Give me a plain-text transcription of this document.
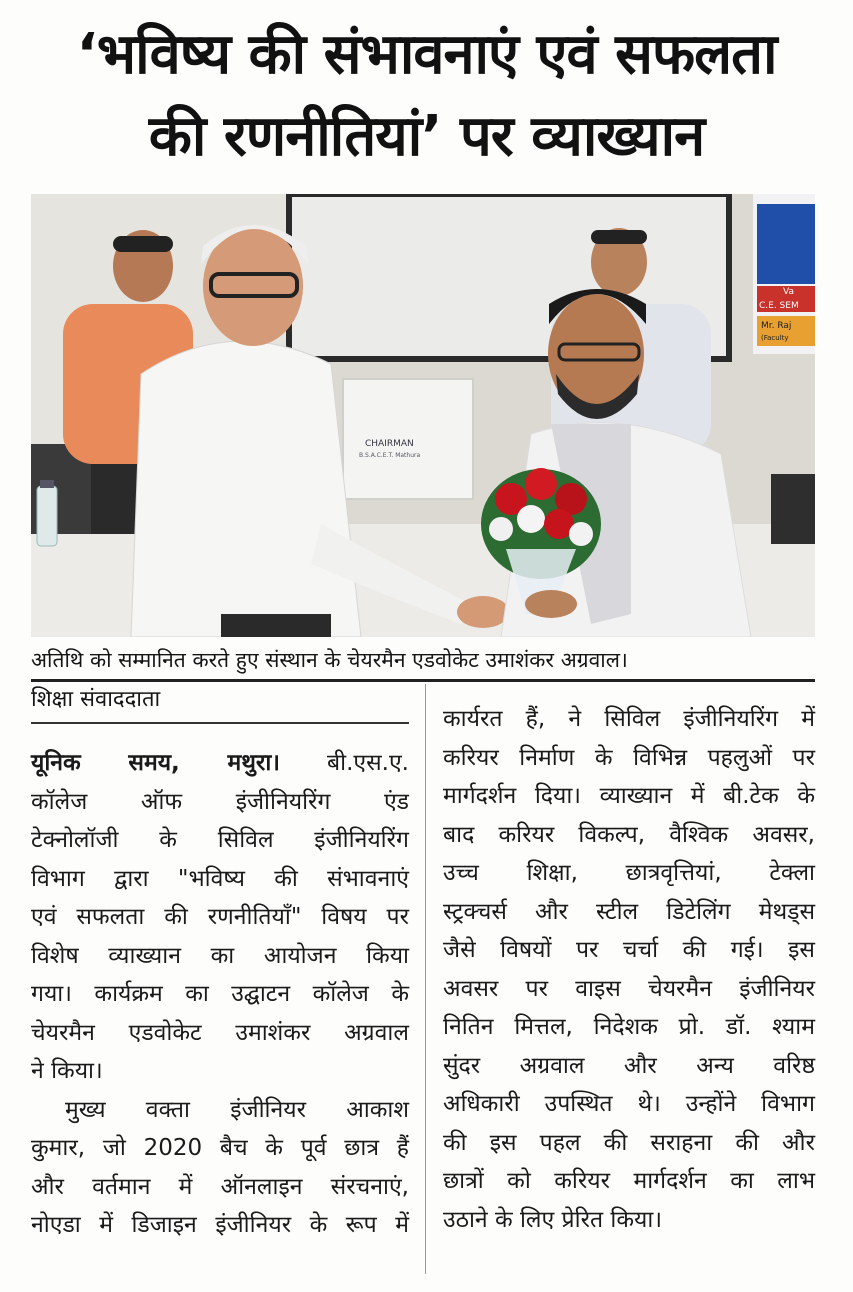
‘भविष्य की संभावनाएं एवं सफलता
की रणनीतियां’ पर व्याख्यान
Va
C.E. SEM
Mr. Raj
(Faculty
CHAIRMAN
B.S.A.C.E.T. Mathura
अतिथि को सम्मानित करते हुए संस्थान के चेयरमैन एडवोकेट उमाशंकर अग्रवाल।
शिक्षा संवाददाता
यूनिक समय, मथुरा। बी.एस.ए.
कॉलेज ऑफ इंजीनियरिंग एंड
टेक्नोलॉजी के सिविल इंजीनियरिंग
विभाग द्वारा "भविष्य की संभावनाएं
एवं सफलता की रणनीतियाँ" विषय पर
विशेष व्याख्यान का आयोजन किया
गया। कार्यक्रम का उद्घाटन कॉलेज के
चेयरमैन एडवोकेट उमाशंकर अग्रवाल
ने किया।
मुख्य वक्ता इंजीनियर आकाश
कुमार, जो 2020 बैच के पूर्व छात्र हैं
और वर्तमान में ऑनलाइन संरचनाएं,
नोएडा में डिजाइन इंजीनियर के रूप में
कार्यरत हैं, ने सिविल इंजीनियरिंग में
करियर निर्माण के विभिन्न पहलुओं पर
मार्गदर्शन दिया। व्याख्यान में बी.टेक के
बाद करियर विकल्प, वैश्विक अवसर,
उच्च शिक्षा, छात्रवृत्तियां, टेक्ला
स्ट्रक्चर्स और स्टील डिटेलिंग मेथड्स
जैसे विषयों पर चर्चा की गई। इस
अवसर पर वाइस चेयरमैन इंजीनियर
नितिन मित्तल, निदेशक प्रो. डॉ. श्याम
सुंदर अग्रवाल और अन्य वरिष्ठ
अधिकारी उपस्थित थे। उन्होंने विभाग
की इस पहल की सराहना की और
छात्रों को करियर मार्गदर्शन का लाभ
उठाने के लिए प्रेरित किया।
